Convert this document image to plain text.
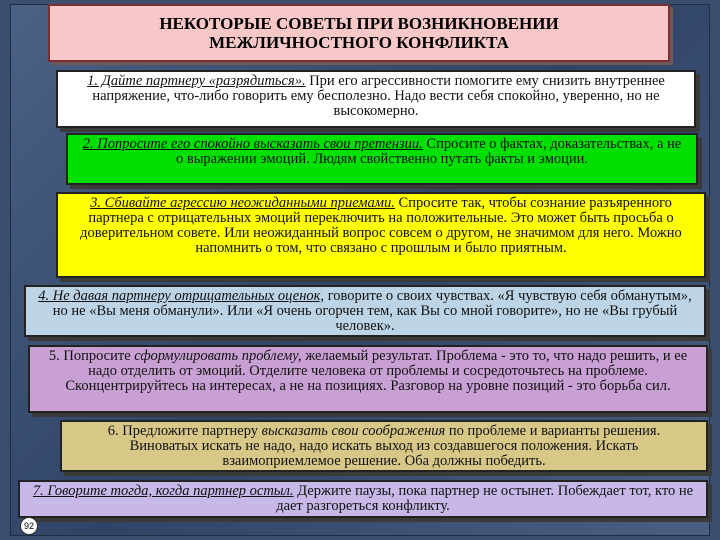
НЕКОТОРЫЕ СОВЕТЫ ПРИ ВОЗНИКНОВЕНИИ
МЕЖЛИЧНОСТНОГО КОНФЛИКТА
1. Дайте партнеру «разрядиться». При его агрессивности помогите ему снизить внутреннее напряжение, что-либо говорить ему бесполезно. Надо вести себя спокойно, уверенно, но не высокомерно.
2. Попросите его спокойно высказать свои претензии. Спросите о фактах, доказательствах, а не о выражении эмоций. Людям свойственно путать факты и эмоции.
3. Сбивайте агрессию неожиданными приемами. Спросите так, чтобы сознание разъяренного партнера с отрицательных эмоций переключить на положительные. Это может быть просьба о доверительном совете. Или неожиданный вопрос совсем о другом, не значимом для него. Можно напомнить о том, что связано с прошлым и было приятным.
4. Не давая партнеру отрицательных оценок, говорите о своих чувствах. «Я чувствую себя обманутым», но не «Вы меня обманули». Или «Я очень огорчен тем, как Вы со мной говорите», но не «Вы грубый человек».
5. Попросите сформулировать проблему, желаемый результат. Проблема - это то, что надо решить, и ее надо отделить от эмоций. Отделите человека от проблемы и сосредоточьтесь на проблеме. Сконцентрируйтесь на интересах, а не на позициях. Разговор на уровне позиций - это борьба сил.
6. Предложите партнеру высказать свои соображения по проблеме и варианты решения. Виноватых искать не надо, надо искать выход из создавшегося положения. Искать взаимоприемлемое решение. Оба должны победить.
7. Говорите тогда, когда партнер остыл. Держите паузы, пока партнер не остынет. Побеждает тот, кто не дает разгореться конфликту.
92
